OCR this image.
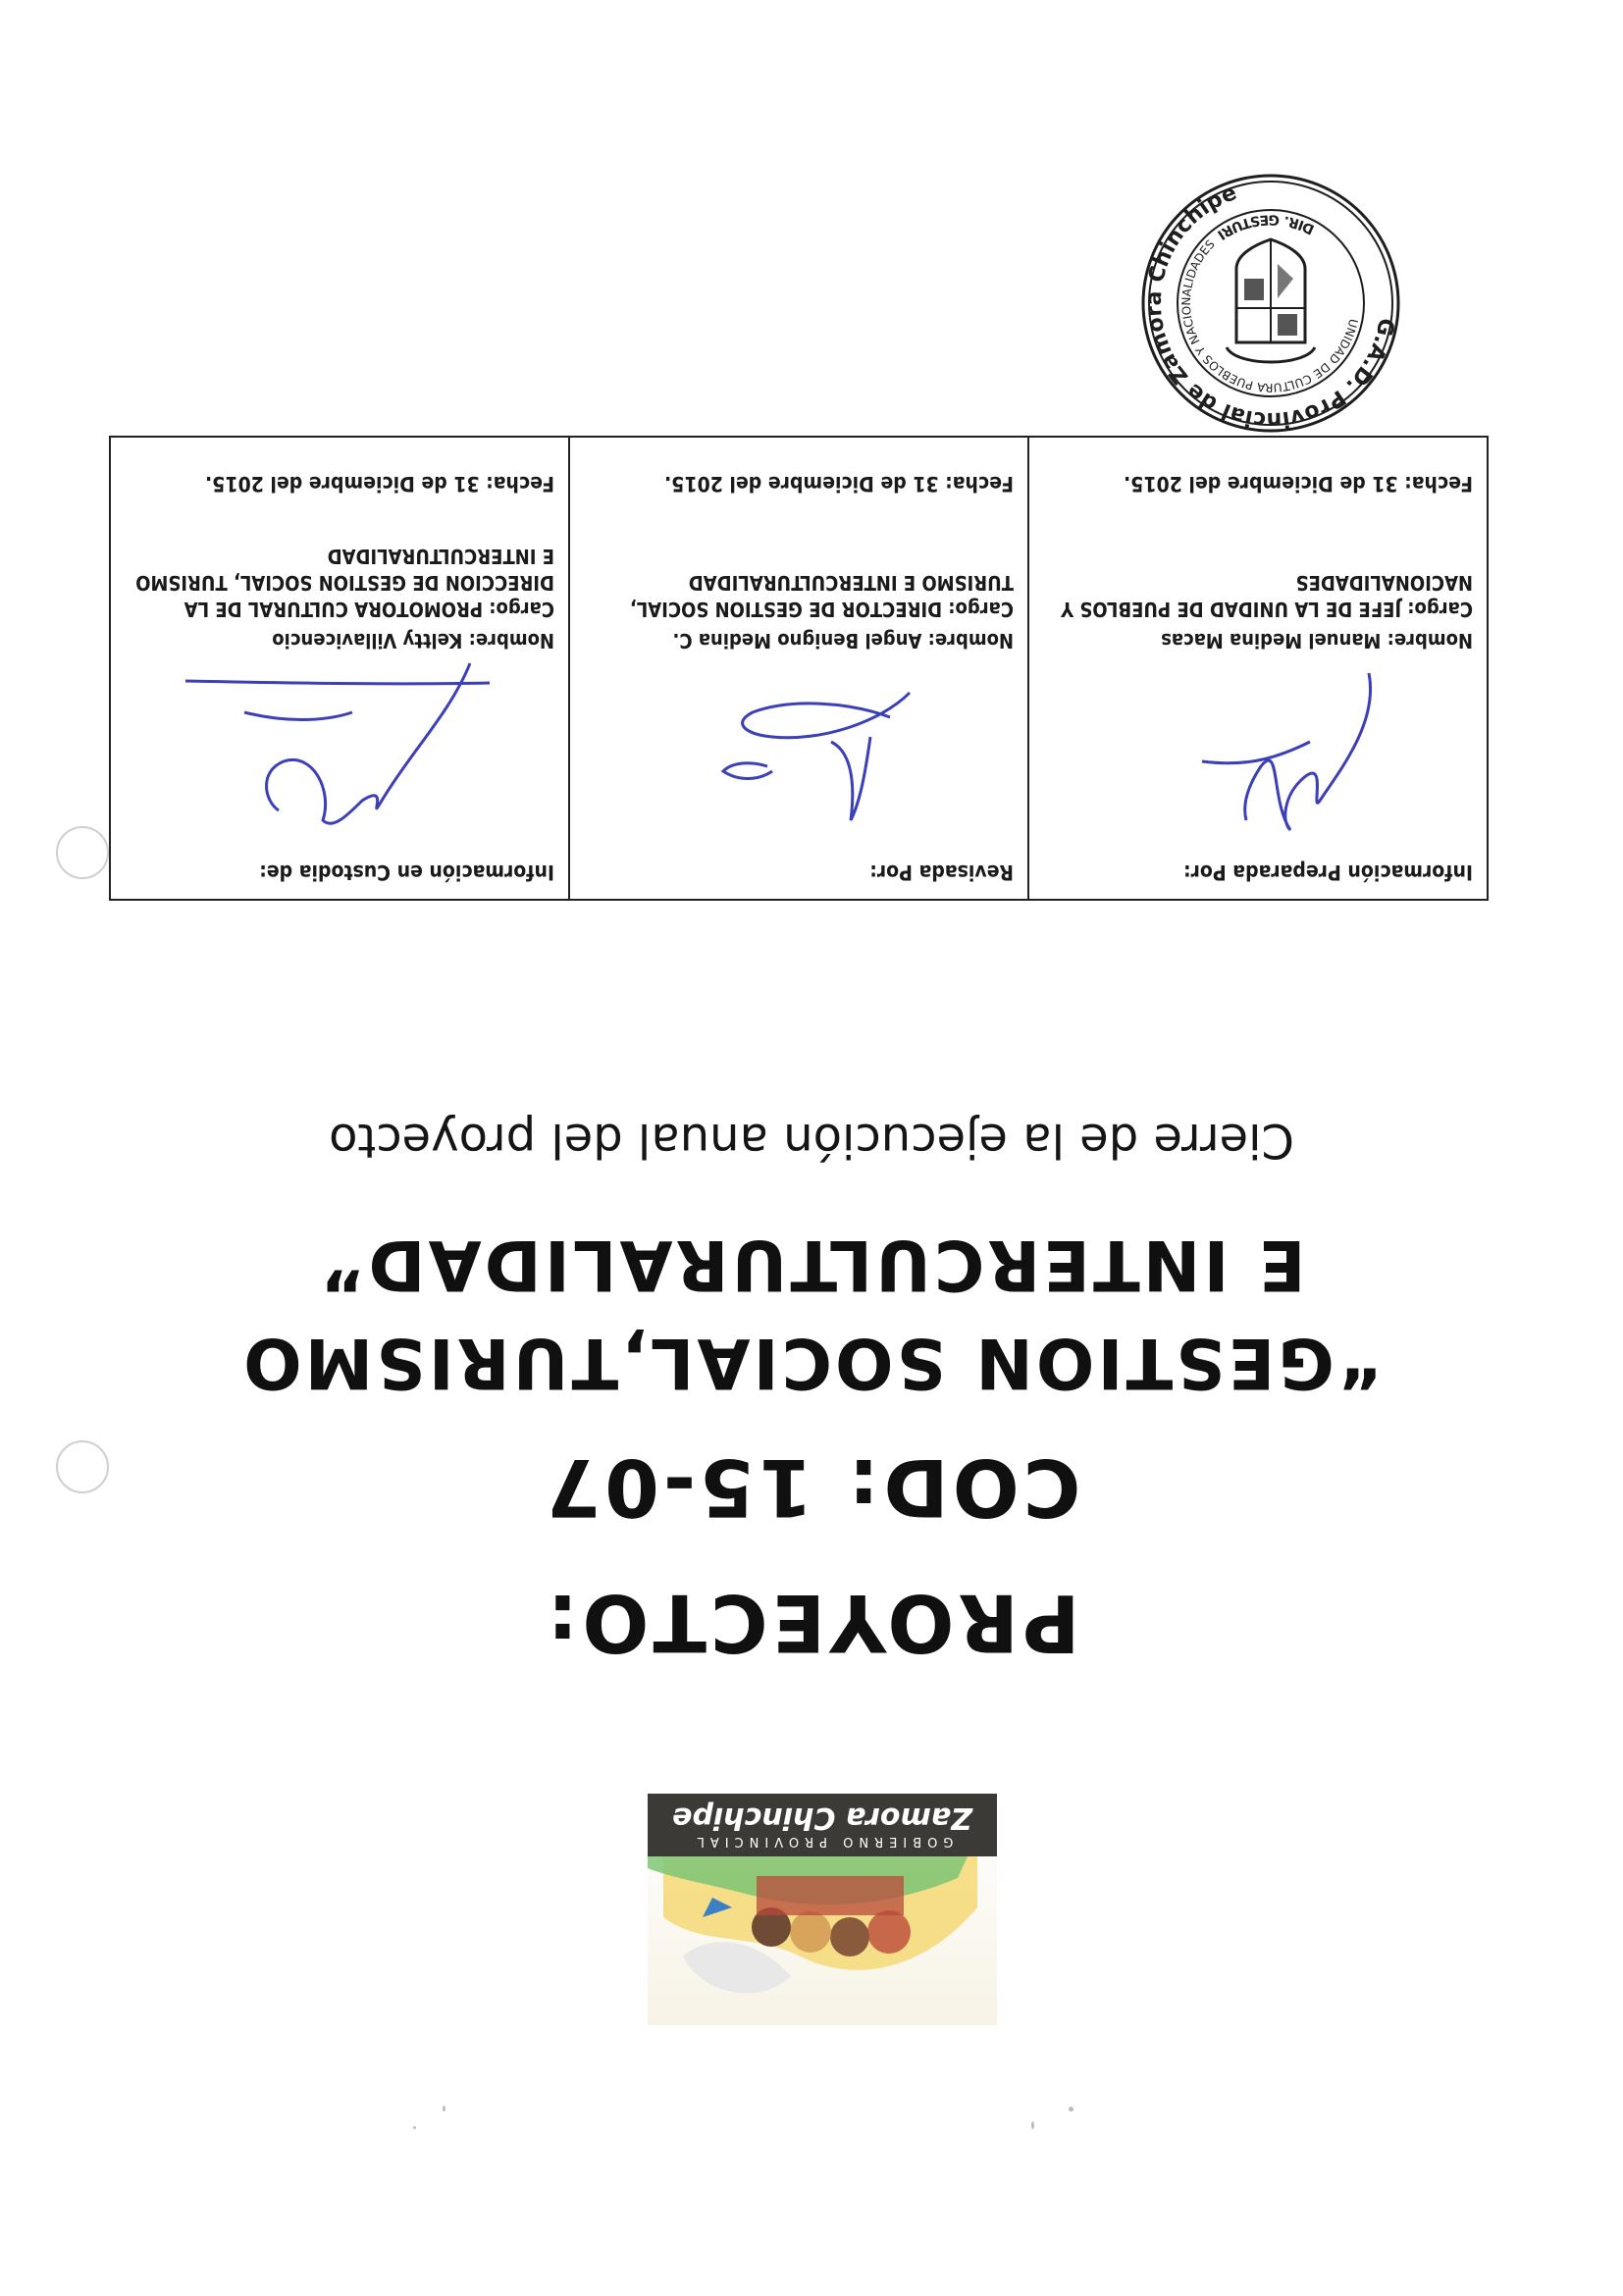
GOBIERNO PROVINCIAL
Zamora Chinchipe
PROYECTO:
COD: 15-07
“GESTION SOCIAL,TURISMO
E INTERCULTURALIDAD”
Cierre de la ejecución anual del proyecto
Información Preparada Por:
Nombre: Manuel Medina Macas
Cargo: JEFE DE LA UNIDAD DE PUEBLOS Y NACIONALIDADES
Fecha: 31 de Diciembre del 2015.
Revisada Por:
Nombre: Angel Benigno Medina C.
Cargo: DIRECTOR DE GESTION SOCIAL, TURISMO E INTERCULTURALIDAD
Fecha: 31 de Diciembre del 2015.
Información en Custodia de:
Nombre: Keltty Villavicencio
Cargo: PROMOTORA CULTURAL DE LA DIRECCION DE GESTION SOCIAL, TURISMO E INTERCULTURALIDAD
Fecha: 31 de Diciembre del 2015.
G.A.D. Provincial de Zamora Chinchipe
UNIDAD DE CULTURA PUEBLOS Y NACIONALIDADES
DIR. GESTURI
